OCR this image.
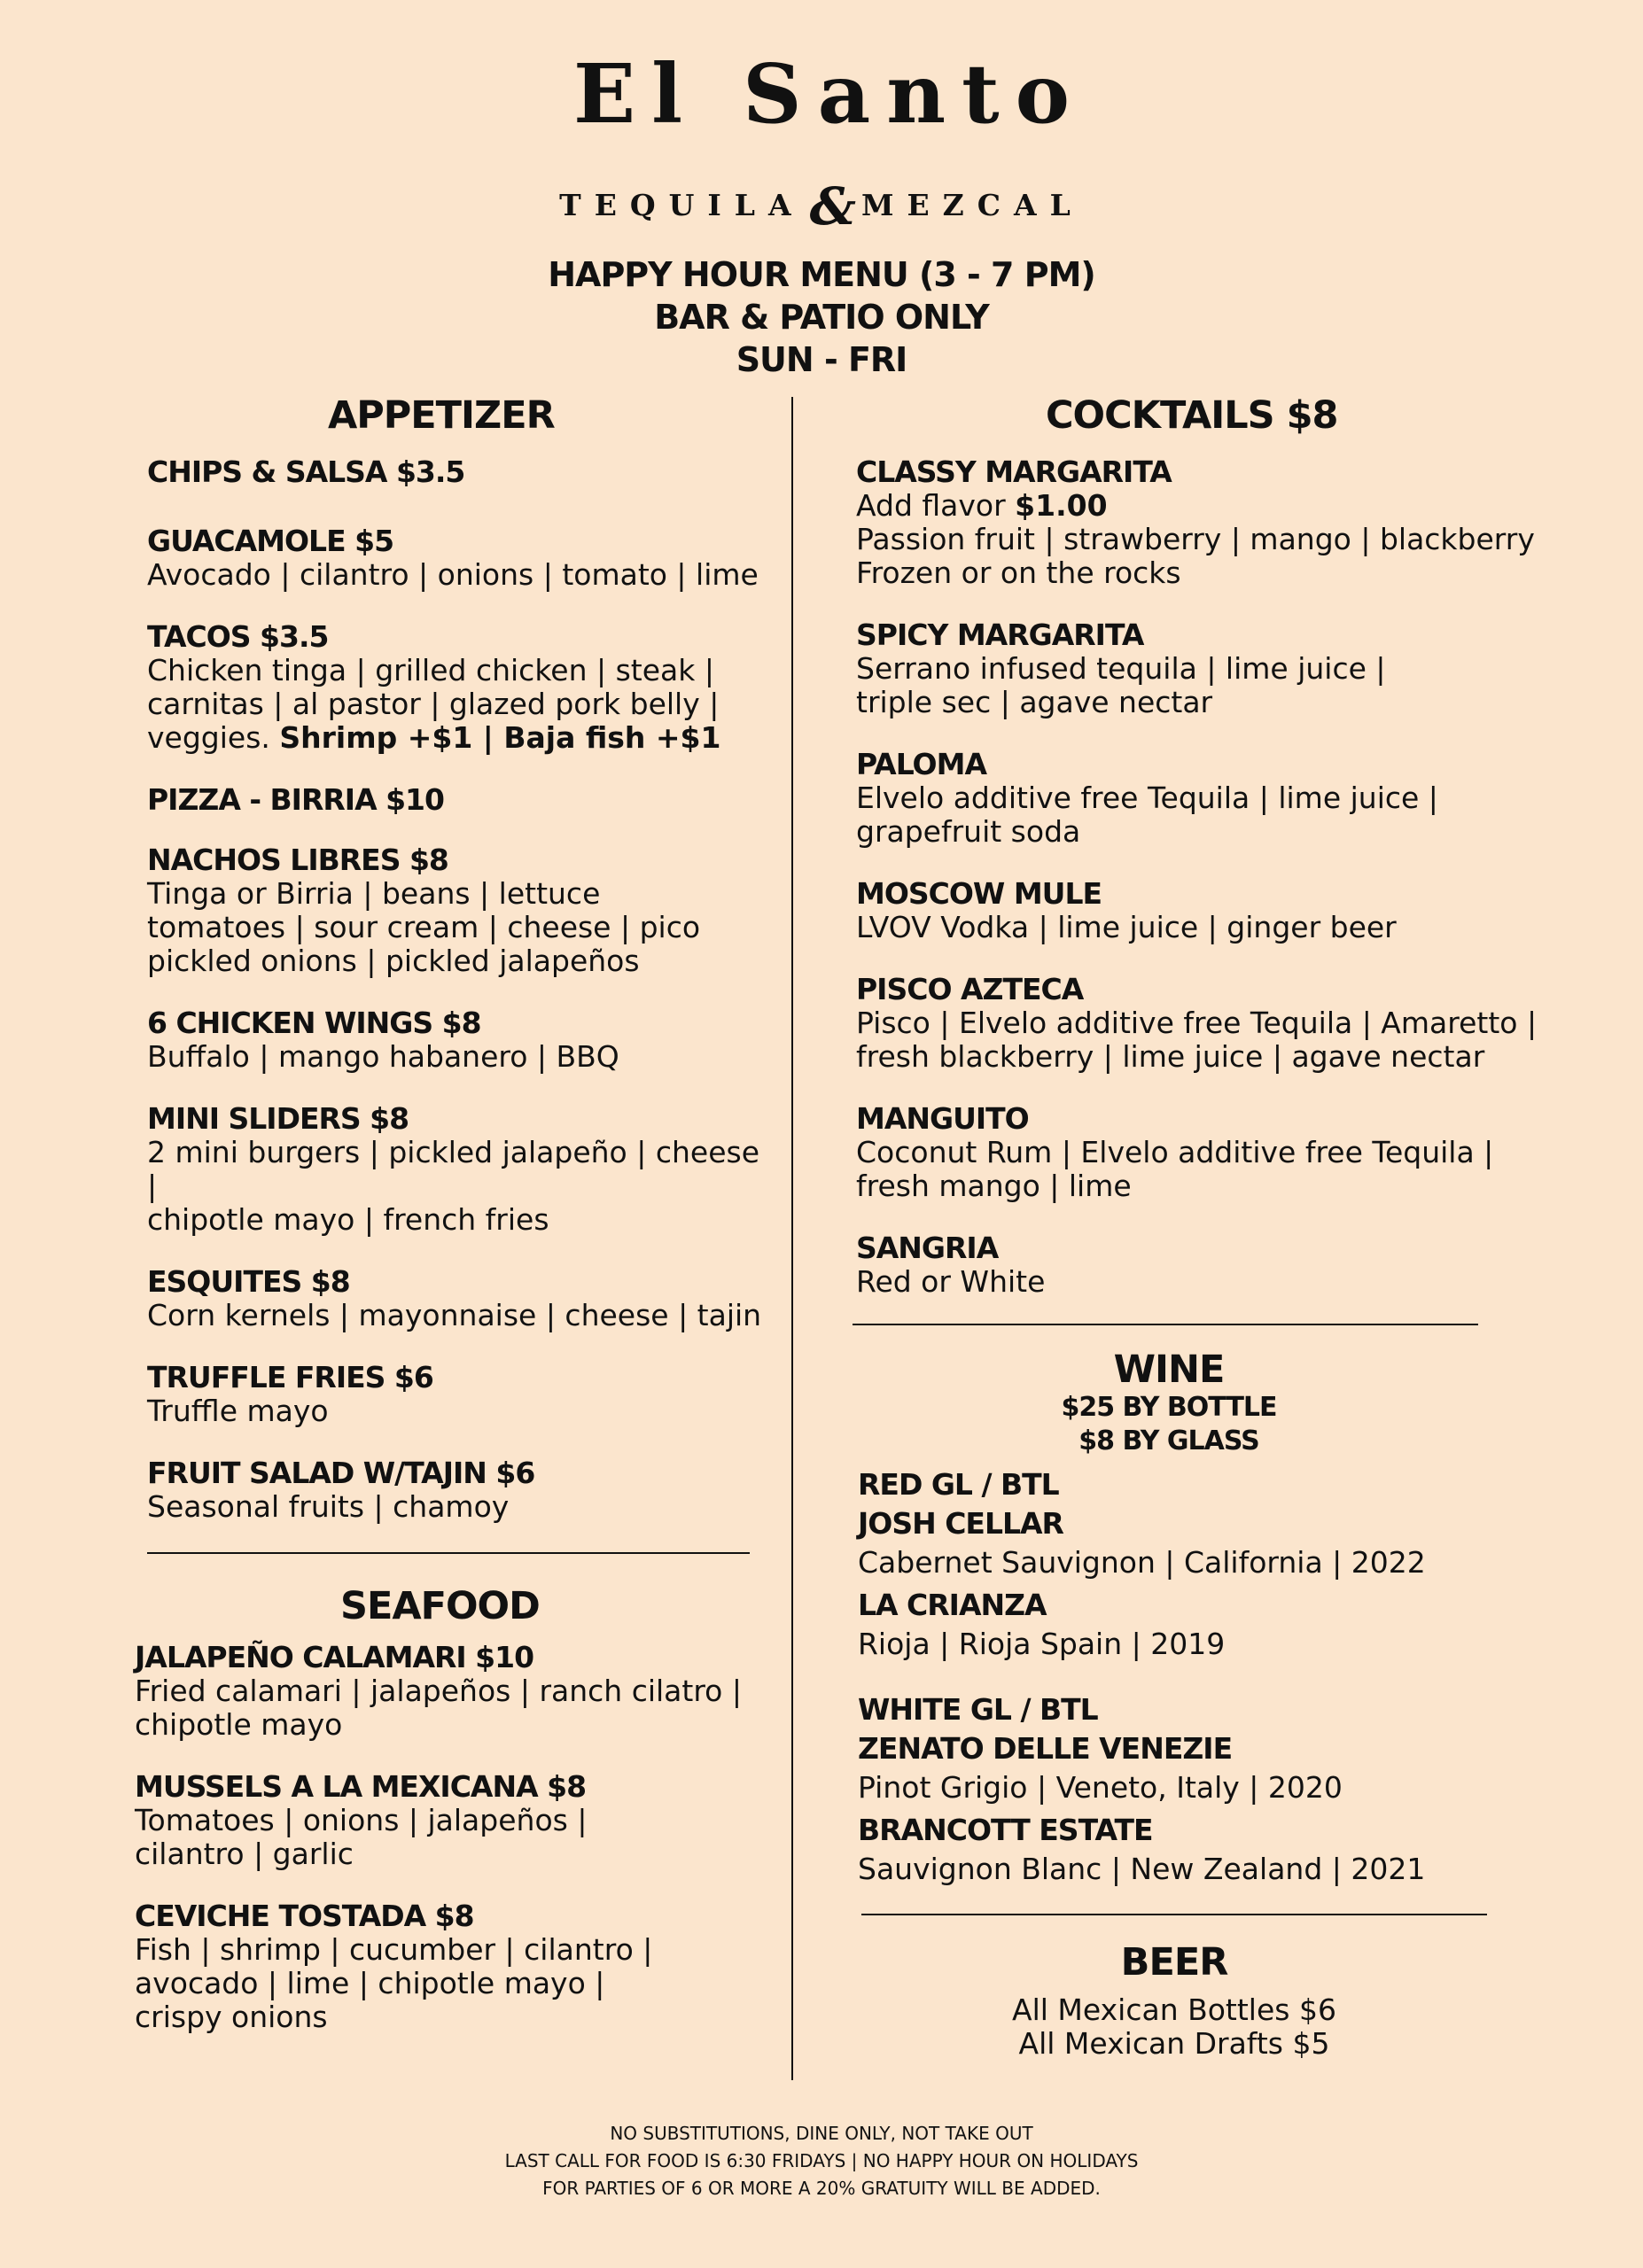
El Santo
TEQUILA & MEZCAL
HAPPY HOUR MENU (3 - 7 PM)
BAR & PATIO ONLY
SUN - FRI
APPETIZER
CHIPS & SALSA $3.5
GUACAMOLE $5
Avocado | cilantro | onions | tomato | lime
TACOS $3.5
Chicken tinga | grilled chicken | steak |
carnitas | al pastor | glazed pork belly |
veggies. Shrimp +$1 | Baja fish +$1
PIZZA - BIRRIA $10
NACHOS LIBRES $8
Tinga or Birria | beans | lettuce
tomatoes | sour cream | cheese | pico
pickled onions | pickled jalapeños
6 CHICKEN WINGS $8
Buffalo | mango habanero | BBQ
MINI SLIDERS $8
2 mini burgers | pickled jalapeño | cheese |
chipotle mayo | french fries
ESQUITES $8
Corn kernels | mayonnaise | cheese | tajin
TRUFFLE FRIES $6
Truffle mayo
FRUIT SALAD W/TAJIN $6
Seasonal fruits | chamoy
SEAFOOD
JALAPEÑO CALAMARI $10
Fried calamari | jalapeños | ranch cilatro |
chipotle mayo
MUSSELS A LA MEXICANA $8
Tomatoes | onions | jalapeños |
cilantro | garlic
CEVICHE TOSTADA $8
Fish | shrimp | cucumber | cilantro |
avocado | lime | chipotle mayo |
crispy onions
COCKTAILS $8
CLASSY MARGARITA
Add flavor $1.00
Passion fruit | strawberry | mango | blackberry
Frozen or on the rocks
SPICY MARGARITA
Serrano infused tequila | lime juice |
triple sec | agave nectar
PALOMA
Elvelo additive free Tequila | lime juice |
grapefruit soda
MOSCOW MULE
LVOV Vodka | lime juice | ginger beer
PISCO AZTECA
Pisco | Elvelo additive free Tequila | Amaretto |
fresh blackberry | lime juice | agave nectar
MANGUITO
Coconut Rum | Elvelo additive free Tequila |
fresh mango | lime
SANGRIA
Red or White
WINE
$25 BY BOTTLE
$8 BY GLASS
RED GL / BTL
JOSH CELLAR
Cabernet Sauvignon | California | 2022
LA CRIANZA
Rioja | Rioja Spain | 2019
WHITE GL / BTL
ZENATO DELLE VENEZIE
Pinot Grigio | Veneto, Italy | 2020
BRANCOTT ESTATE
Sauvignon Blanc | New Zealand | 2021
BEER
All Mexican Bottles $6
All Mexican Drafts $5
NO SUBSTITUTIONS, DINE ONLY, NOT TAKE OUT
LAST CALL FOR FOOD IS 6:30 FRIDAYS | NO HAPPY HOUR ON HOLIDAYS
FOR PARTIES OF 6 OR MORE A 20% GRATUITY WILL BE ADDED.
